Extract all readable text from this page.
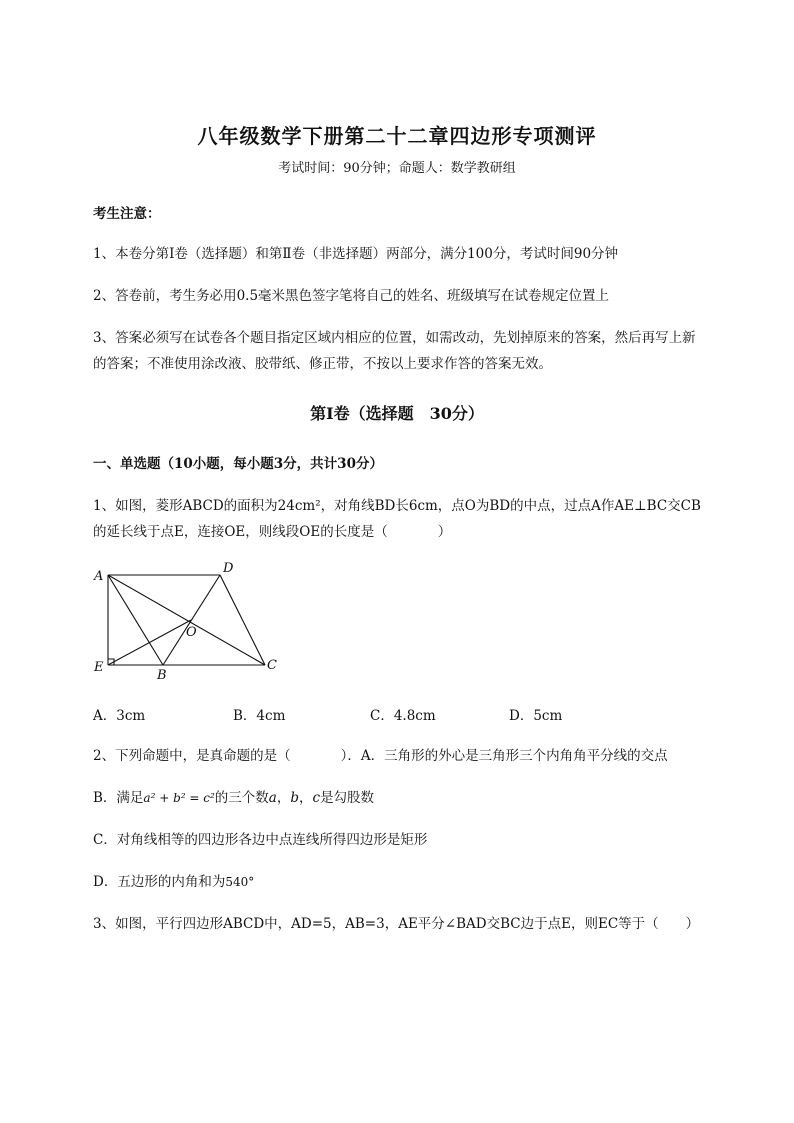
八年级数学下册第二十二章四边形专项测评
考试时间：90分钟；命题人：数学教研组
考生注意：
1、本卷分第I卷（选择题）和第Ⅱ卷（非选择题）两部分，满分100分，考试时间90分钟
2、答卷前，考生务必用0.5毫米黑色签字笔将自己的姓名、班级填写在试卷规定位置上
3、答案必须写在试卷各个题目指定区域内相应的位置，如需改动，先划掉原来的答案，然后再写上新
的答案；不准使用涂改液、胶带纸、修正带，不按以上要求作答的答案无效。
第I卷（选择题　30分）
一、单选题（10小题，每小题3分，共计30分）
1、如图，菱形ABCD的面积为24cm²，对角线BD长6cm，点O为BD的中点，过点A作AE⊥BC交CB
的延长线于点E，连接OE，则线段OE的长度是（	）
A
D
O
E
B
C
A．3cm	B．4cm	C．4.8cm	D．5cm
2、下列命题中，是真命题的是（	）．A．三角形的外心是三角形三个内角角平分线的交点
B．满足a² + b² = c²的三个数a，b，c是勾股数
C．对角线相等的四边形各边中点连线所得四边形是矩形
D．五边形的内角和为540°
3、如图，平行四边形ABCD中，AD=5，AB=3，AE平分∠BAD交BC边于点E，则EC等于（　　）
